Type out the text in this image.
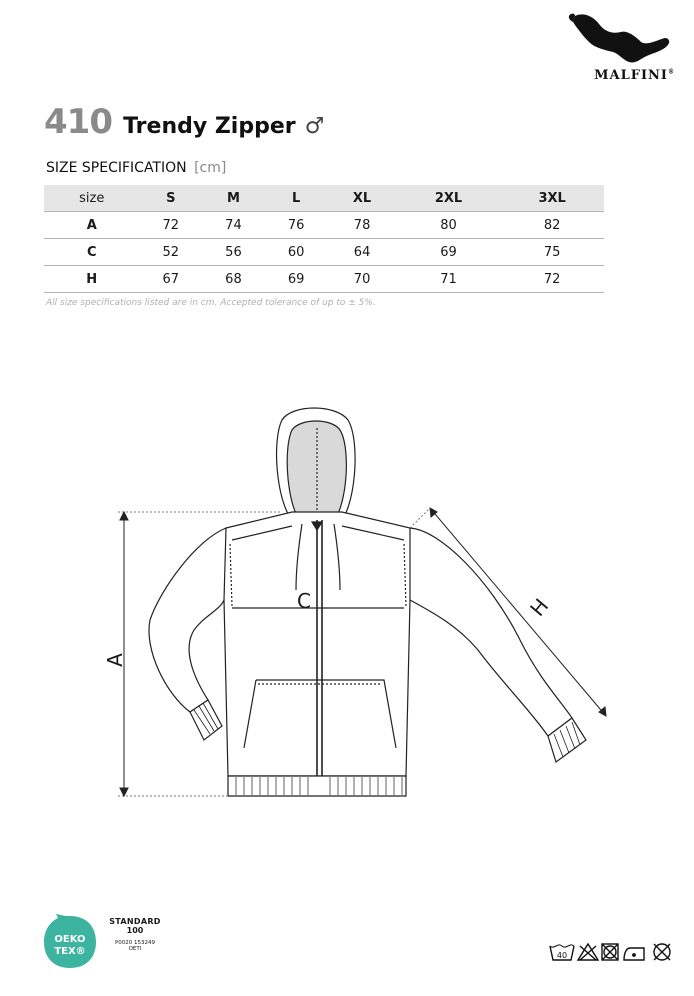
MALFINI®
410 Trendy Zipper ♂
SIZE SPECIFICATION [cm]
size	S	M	L	XL	2XL	3XL
A	72	74	76	78	80	82
C	52	56	60	64	69	75
H	67	68	69	70	71	72
All size specifications listed are in cm. Accepted tolerance of up to ± 5%.
A
C	H
OEKO
TEX®
STANDARD
100
P0020 153249
OETI
40
